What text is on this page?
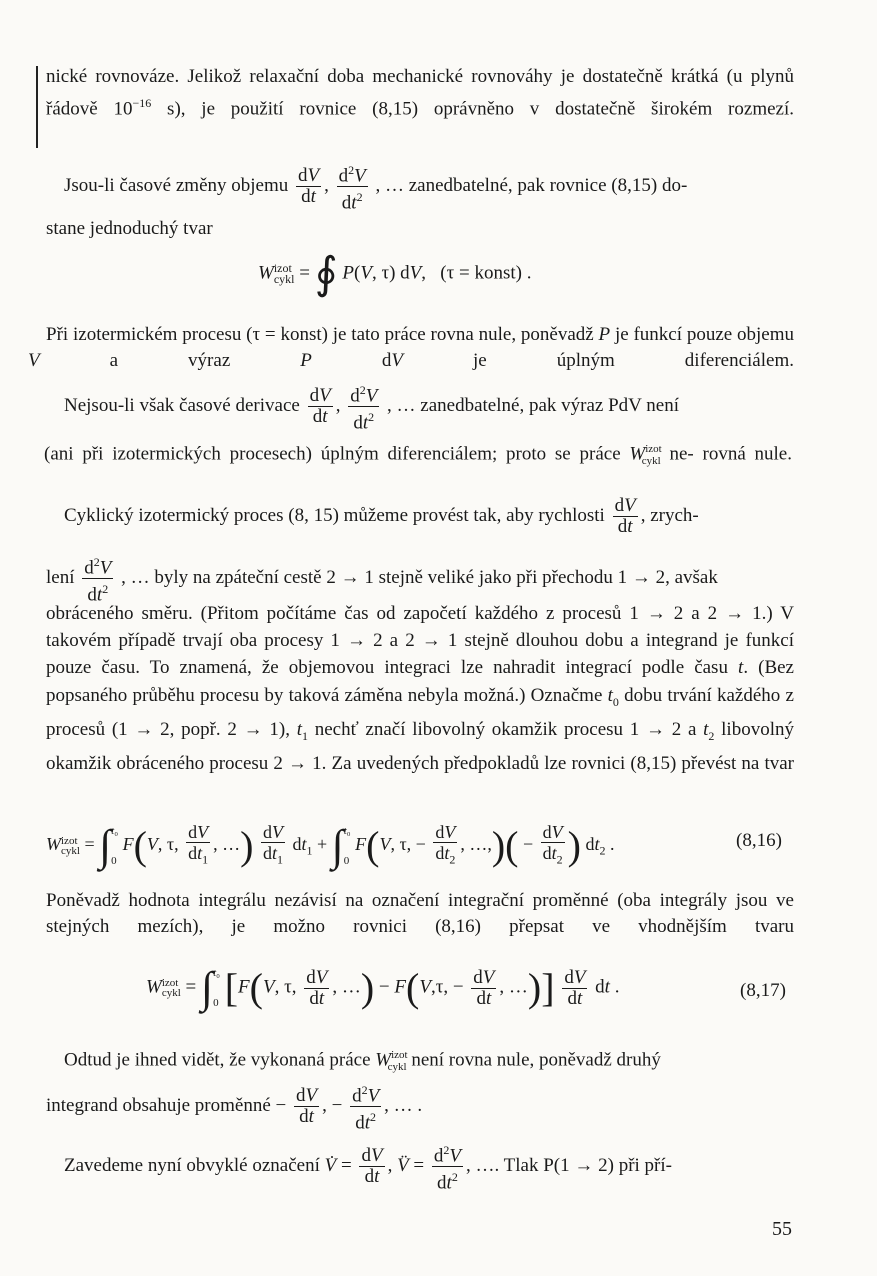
nické rovnováze. Jelikož relaxační doba mechanické rovnováhy je dostatečně krátká (u plynů řádově $10^{-16}$ s), je použití rovnice (8,15) oprávněno v dostatečně širokém rozmezí.

Jsou-li časové změny objemu $\frac{dV}{dt}$ , $\frac{d^2V}{dt^2}$ , … zanedbatelné, pak rovnice (8,15) do-

stane jednoduchý tvar

W izot
cykl = ∮ P(V, τ) dV,   (τ = konst) .

Při izotermickém procesu (τ = konst) je tato práce rovna nule, poněvadž P je funkcí pouze objemu V a výraz P dV je úplným diferenciálem.

Nejsou-li však časové derivace $\frac{dV}{dt}$ , $\frac{d^2V}{dt^2}$ , … zanedbatelné, pak výraz PdV není

(ani při izotermických procesech) úplným diferenciálem; proto se práce $W^{izot}_{cykl}$ ne- rovná nule.

Cyklický izotermický proces (8, 15) můžeme provést tak, aby rychlosti $\frac{dV}{dt}$ , zrych-
lení $\frac{d^2V}{dt^2}$ , … byly na zpáteční cestě 2 → 1 stejně veliké jako při přechodu 1 → 2, avšak

obráceného směru. (Přitom počítáme čas od započetí každého z procesů 1 → 2 a 2 → 1.) V takovém případě trvají oba procesy 1 → 2 a 2 → 1 stejně dlouhou dobu a integrand je funkcí pouze času. To znamená, že objemovou integraci lze nahradit integrací podle času t. (Bez popsaného průběhu procesu by taková záměna nebyla možná.) Označme $t_0$ dobu trvání každého z procesů (1 → 2, popř. 2 → 1), $t_1$ nechť značí libovolný okamžik procesu 1 → 2 a $t_2$ libovolný okamžik obráceného procesu 2 → 1. Za uvedených předpokladů lze rovnici (8,15) převést na tvar

W izot
cykl = ∫ t₀
0
F(V, τ, $\frac{dV}{dt_1}$ , …) $\frac{dV}{dt_1} dt_1$ + ∫ t₀
0
F(V, τ, − $\frac{dV}{dt_2}$ , …,)( − $\frac{dV}{dt_2}$ ) $dt_2$ .	(8,16)

Poněvadž hodnota integrálu nezávisí na označení integrační proměnné (oba integrály jsou ve stejných mezích), je možno rovnici (8,16) přepsat ve vhodnějším tvaru

W izot
cykl = ∫ t₀
0 [F(V, τ, $\frac{dV}{dt}$ , …) − F(V,τ, − $\frac{dV}{dt}$ , …)] $\frac{dV}{dt}$ dt .	(8,17)
Odtud je ihned vidět, že vykonaná práce $W^{izot}_{cykl}$ není rovna nule, poněvadž druhý
integrand obsahuje proměnné − $\frac{dV}{dt}$ , − $\frac{d^2V}{dt^2}$ , … .
Zavedeme nyní obvyklé označení V̇ = $\frac{dV}{dt}$ , V̈ = $\frac{d^2V}{dt^2}$ , …. Tlak P(1 → 2) při pří-
55
